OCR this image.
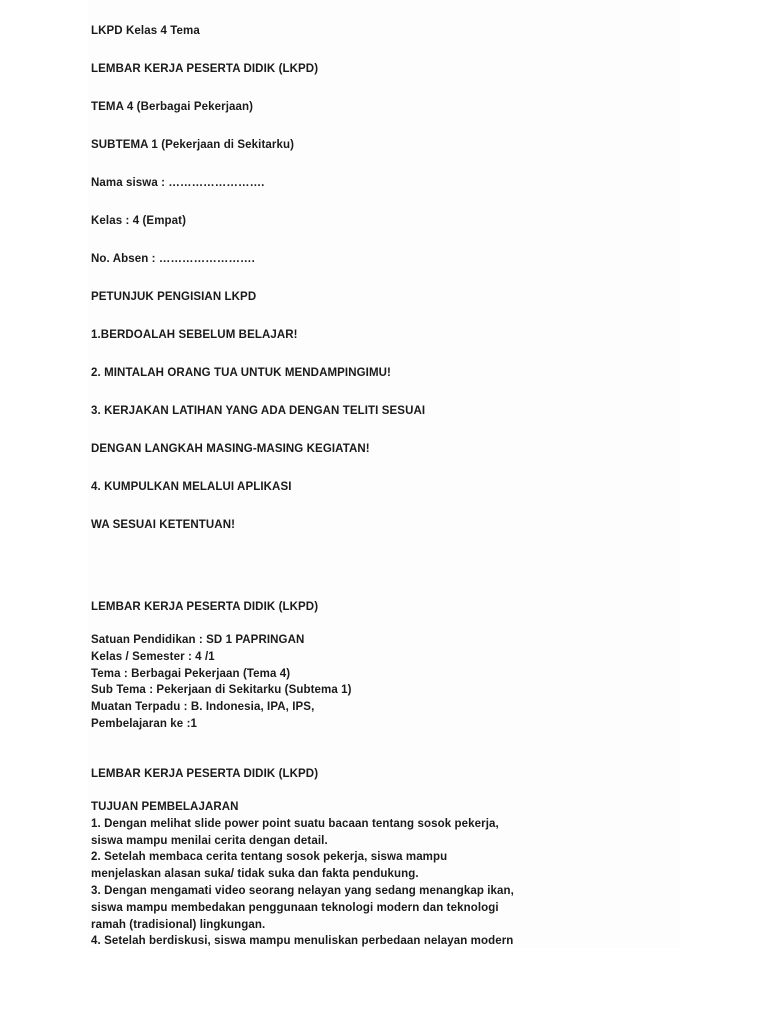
LKPD Kelas 4 Tema
LEMBAR KERJA PESERTA DIDIK (LKPD)
TEMA 4 (Berbagai Pekerjaan)
SUBTEMA 1 (Pekerjaan di Sekitarku)
Nama siswa : …………………….
Kelas : 4 (Empat)
No. Absen : …………………….
PETUNJUK PENGISIAN LKPD
1.BERDOALAH SEBELUM BELAJAR!
2. MINTALAH ORANG TUA UNTUK MENDAMPINGIMU!
3. KERJAKAN LATIHAN YANG ADA DENGAN TELITI SESUAI
DENGAN LANGKAH MASING-MASING KEGIATAN!
4. KUMPULKAN MELALUI APLIKASI
WA SESUAI KETENTUAN!
LEMBAR KERJA PESERTA DIDIK (LKPD)
Satuan Pendidikan : SD 1 PAPRINGAN
Kelas / Semester : 4 /1
Tema : Berbagai Pekerjaan (Tema 4)
Sub Tema : Pekerjaan di Sekitarku (Subtema 1)
Muatan Terpadu : B. Indonesia, IPA, IPS,
Pembelajaran ke :1
LEMBAR KERJA PESERTA DIDIK (LKPD)
TUJUAN PEMBELAJARAN
1. Dengan melihat slide power point suatu bacaan tentang sosok pekerja,
siswa mampu menilai cerita dengan detail.
2. Setelah membaca cerita tentang sosok pekerja, siswa mampu
menjelaskan alasan suka/ tidak suka dan fakta pendukung.
3. Dengan mengamati video seorang nelayan yang sedang menangkap ikan,
siswa mampu membedakan penggunaan teknologi modern dan teknologi
ramah (tradisional) lingkungan.
4. Setelah berdiskusi, siswa mampu menuliskan perbedaan nelayan modern
